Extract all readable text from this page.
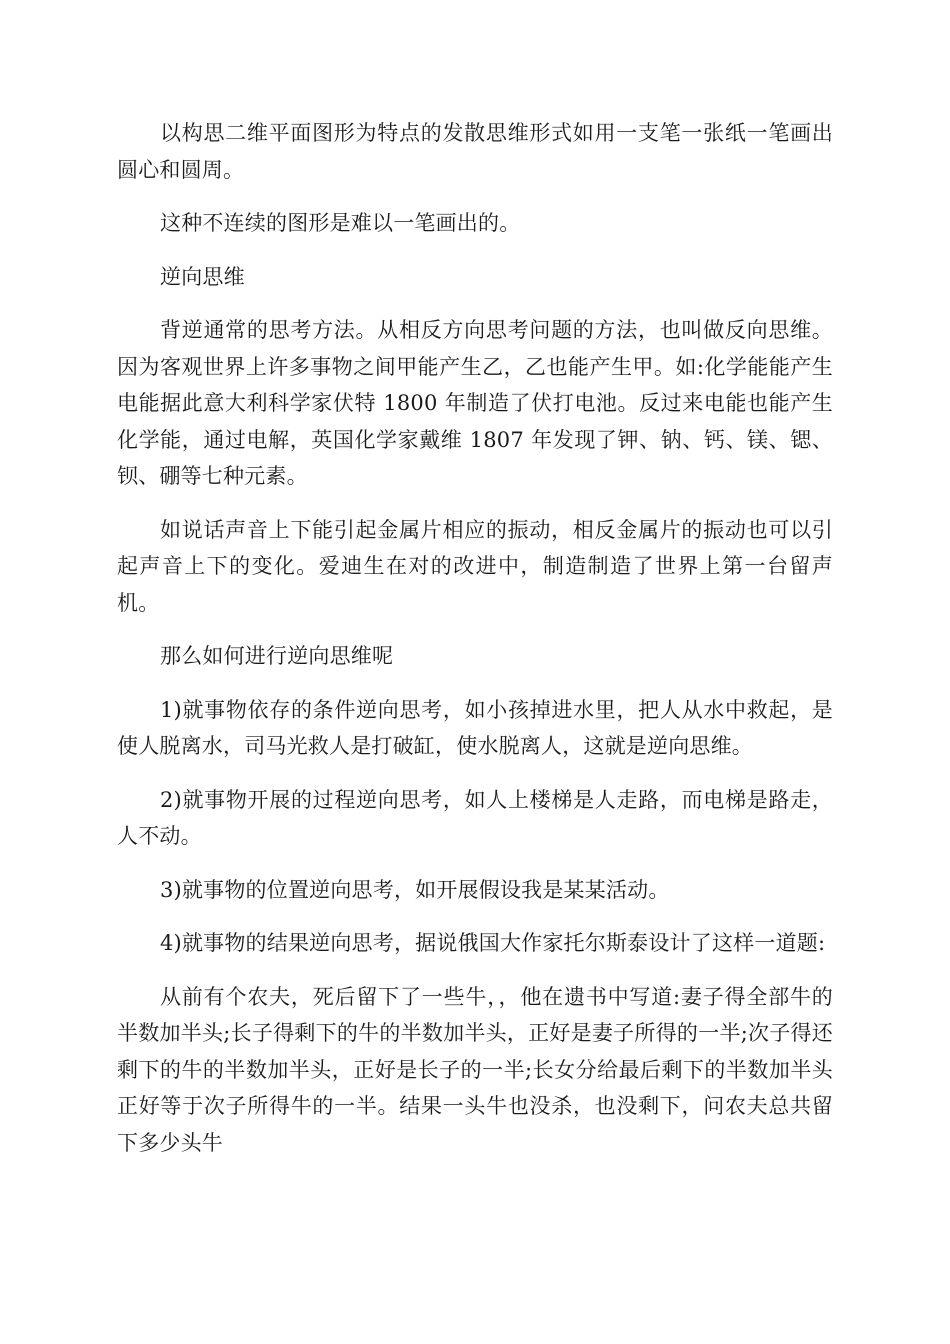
以构思二维平面图形为特点的发散思维形式如用一支笔一张纸一笔画出圆心和圆周。

这种不连续的图形是难以一笔画出的。

逆向思维

背逆通常的思考方法。从相反方向思考问题的方法，也叫做反向思维。因为客观世界上许多事物之间甲能产生乙，乙也能产生甲。如:化学能能产生电能据此意大利科学家伏特 1800 年制造了伏打电池。反过来电能也能产生化学能，通过电解，英国化学家戴维 1807 年发现了钾、钠、钙、镁、锶、钡、硼等七种元素。

如说话声音上下能引起金属片相应的振动，相反金属片的振动也可以引起声音上下的变化。爱迪生在对的改进中，制造制造了世界上第一台留声机。

那么如何进行逆向思维呢

1)就事物依存的条件逆向思考，如小孩掉进水里，把人从水中救起，是使人脱离水，司马光救人是打破缸，使水脱离人，这就是逆向思维。

2)就事物开展的过程逆向思考，如人上楼梯是人走路，而电梯是路走，人不动。

3)就事物的位置逆向思考，如开展假设我是某某活动。

4)就事物的结果逆向思考，据说俄国大作家托尔斯泰设计了这样一道题:

从前有个农夫，死后留下了一些牛，，他在遗书中写道:妻子得全部牛的半数加半头;长子得剩下的牛的半数加半头，正好是妻子所得的一半;次子得还剩下的牛的半数加半头，正好是长子的一半;长女分给最后剩下的半数加半头正好等于次子所得牛的一半。结果一头牛也没杀，也没剩下，问农夫总共留下多少头牛
